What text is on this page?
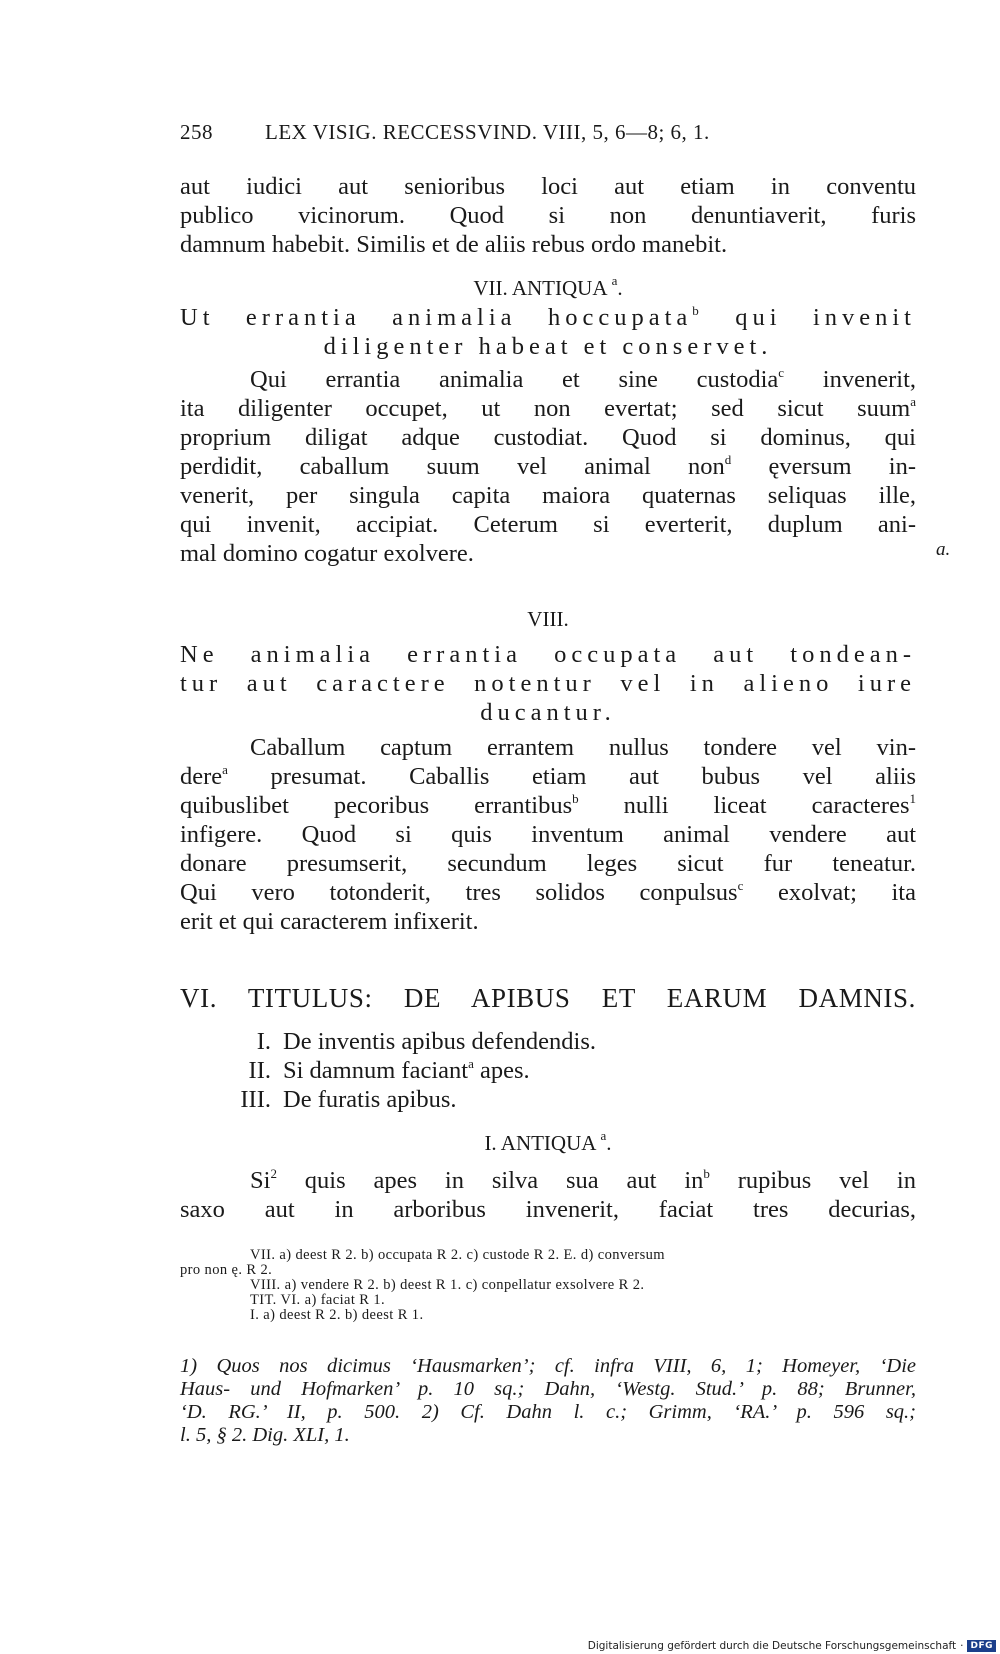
258 LEX VISIG. RECCESSVIND. VIII, 5, 6—8; 6, 1.
aut iudici aut senioribus loci aut etiam in conventu
publico vicinorum. Quod si non denuntiaverit, furis
damnum habebit. Similis et de aliis rebus ordo manebit.
VII. ANTIQUA $^a$.
Ut errantia animalia hoccupata$^b$ qui invenit
diligenter habeat et conservet.
Qui errantia animalia et sine custodia$^c$ invenerit,
ita diligenter occupet, ut non evertat; sed sicut suum$^a$
proprium diligat adque custodiat. Quod si dominus, qui
perdidit, caballum suum vel animal non$^d$ ęversum in-
venerit, per singula capita maiora quaternas seliquas ille,
qui invenit, accipiat. Ceterum si everterit, duplum ani-
mal domino cogatur exolvere.	a.
VIII.
Ne animalia errantia occupata aut tondean-
tur aut caractere notentur vel in alieno iure
ducantur.
Caballum captum errantem nullus tondere vel vin-
dere$^a$ presumat. Caballis etiam aut bubus vel aliis
quibuslibet pecoribus errantibus$^b$ nulli liceat caracteres$^1$
infigere. Quod si quis inventum animal vendere aut
donare presumserit, secundum leges sicut fur teneatur.
Qui vero totonderit, tres solidos conpulsus$^c$ exolvat; ita
erit et qui caracterem infixerit.
VI. TITULUS: DE APIBUS ET EARUM DAMNIS.
I. De inventis apibus defendendis.
II. Si damnum faciant$^a$ apes.
III. De furatis apibus.
I. ANTIQUA $^a$.
Si$^2$ quis apes in silva sua aut $in^b$ rupibus vel in
saxo aut in arboribus invenerit, faciat tres decurias,
VII. a) deest R 2. b) occupata R 2. c) custode R 2. E. d) conversum
pro non ę. R 2.
VIII. a) vendere R 2. b) deest R 1. c) conpellatur exsolvere R 2.
TIT. VI. a) faciat R 1.
I. a) deest R 2. b) deest R 1.
1) Quos nos dicimus ‘Hausmarken’; cf. infra VIII, 6, 1; Homeyer, ‘Die
Haus- und Hofmarken’ p. 10 sq.; Dahn, ‘Westg. Stud.’ p. 88; Brunner,
‘D. RG.’ II, p. 500. 2) Cf. Dahn l. c.; Grimm, ‘RA.’ p. 596 sq.;
l. 5, § 2. Dig. XLI, 1.
Digitalisierung gefördert durch die Deutsche Forschungsgemeinschaft · DFG
